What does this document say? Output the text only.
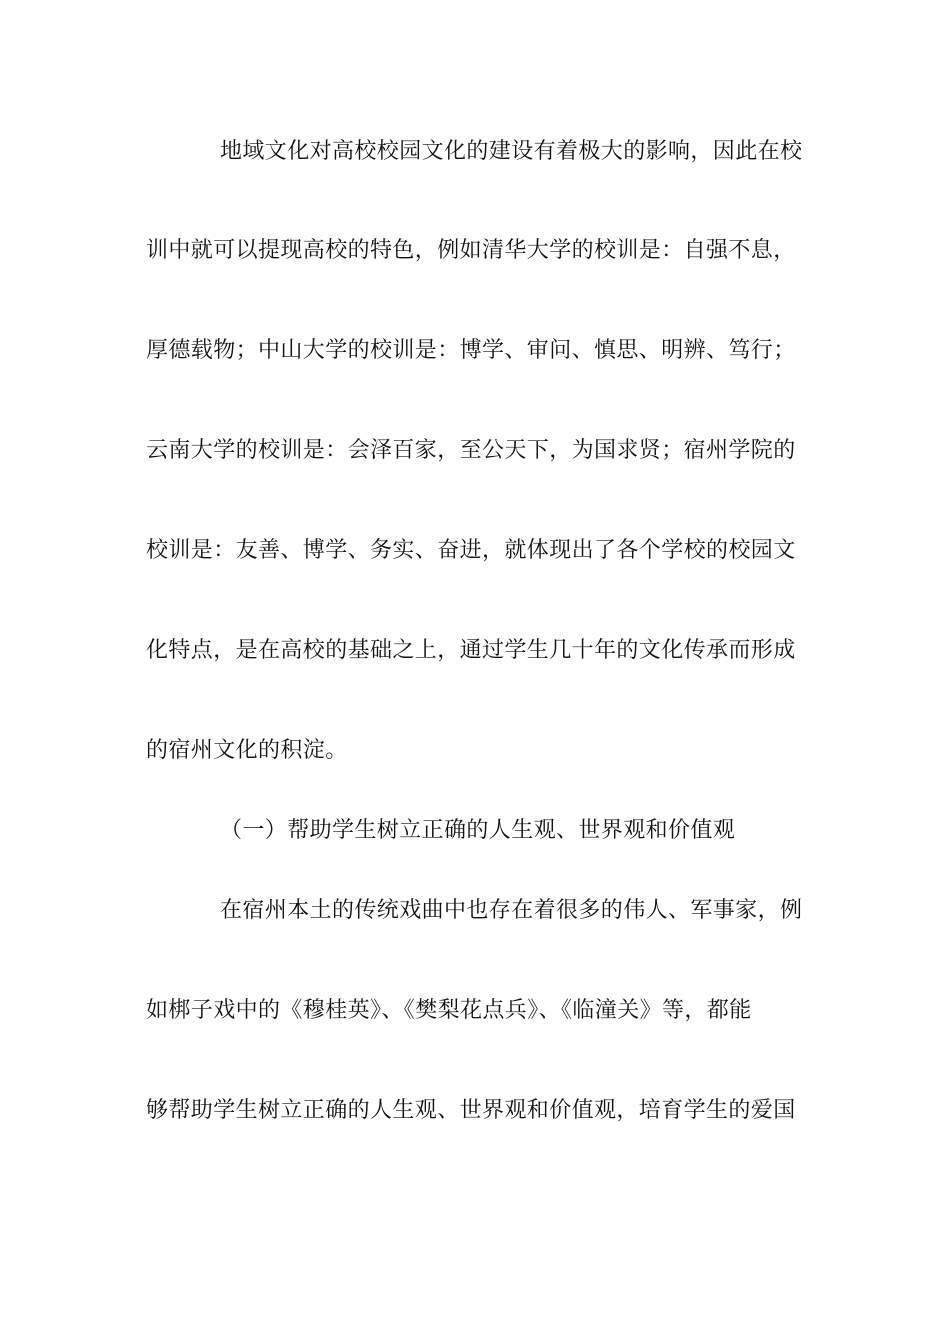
地域文化对高校校园文化的建设有着极大的影响，因此在校
训中就可以提现高校的特色，例如清华大学的校训是：自强不息，
厚德载物；中山大学的校训是：博学、审问、慎思、明辨、笃行；
云南大学的校训是：会泽百家，至公天下，为国求贤；宿州学院的
校训是：友善、博学、务实、奋进，就体现出了各个学校的校园文
化特点，是在高校的基础之上，通过学生几十年的文化传承而形成
的宿州文化的积淀。
（一）帮助学生树立正确的人生观、世界观和价值观
在宿州本土的传统戏曲中也存在着很多的伟人、军事家，例
如梆子戏中的《穆桂英》、《樊梨花点兵》、《临潼关》等，都能
够帮助学生树立正确的人生观、世界观和价值观，培育学生的爱国
